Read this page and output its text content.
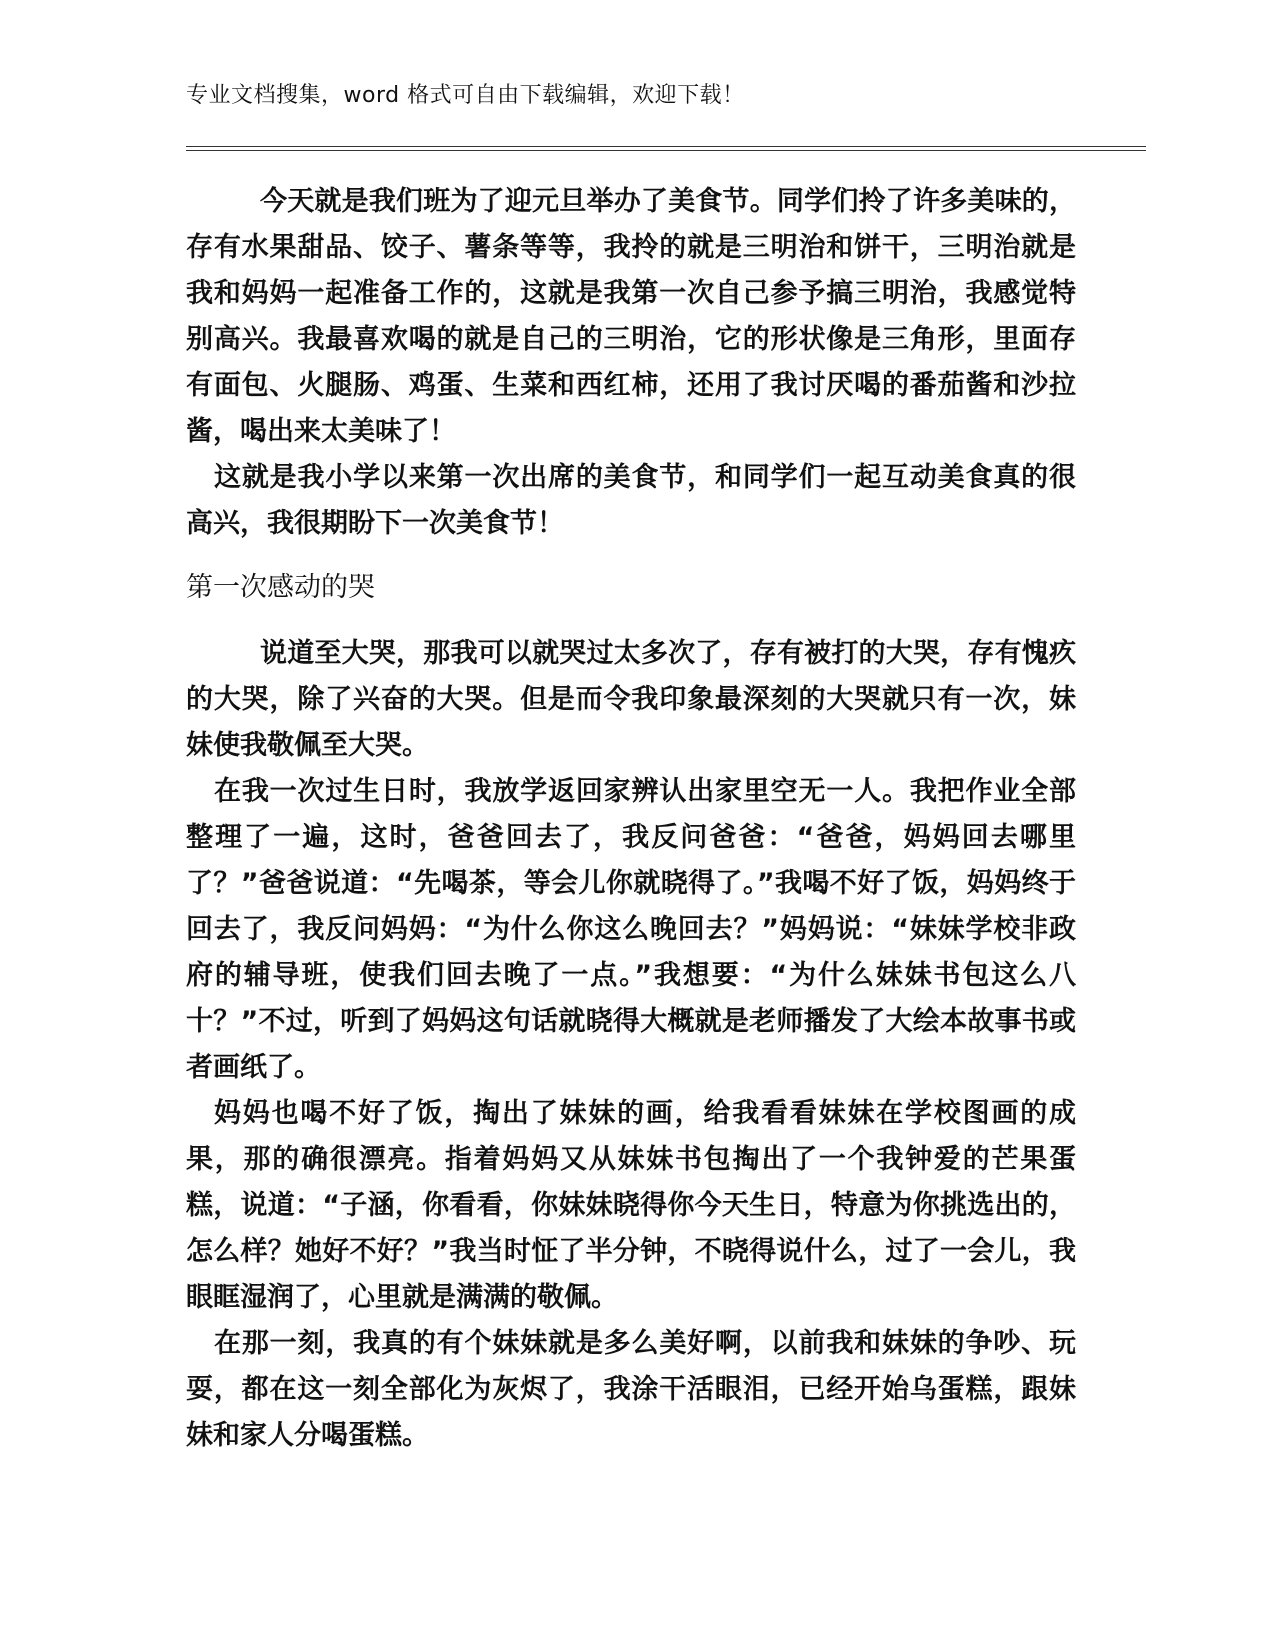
专业文档搜集，word 格式可自由下载编辑，欢迎下载！

今天就是我们班为了迎元旦举办了美食节。同学们拎了许多美味的，存有水果甜品、饺子、薯条等等，我拎的就是三明治和饼干，三明治就是我和妈妈一起准备工作的，这就是我第一次自己参予搞三明治，我感觉特别高兴。我最喜欢喝的就是自己的三明治，它的形状像是三角形，里面存有面包、火腿肠、鸡蛋、生菜和西红柿，还用了我讨厌喝的番茄酱和沙拉酱，喝出来太美味了！

这就是我小学以来第一次出席的美食节，和同学们一起互动美食真的很高兴，我很期盼下一次美食节！

第一次感动的哭

说道至大哭，那我可以就哭过太多次了，存有被打的大哭，存有愧疚的大哭，除了兴奋的大哭。但是而令我印象最深刻的大哭就只有一次，妹妹使我敬佩至大哭。

在我一次过生日时，我放学返回家辨认出家里空无一人。我把作业全部整理了一遍，这时，爸爸回去了，我反问爸爸：“爸爸，妈妈回去哪里了？”爸爸说道：“先喝茶，等会儿你就晓得了。”我喝不好了饭，妈妈终于回去了，我反问妈妈：“为什么你这么晚回去？”妈妈说：“妹妹学校非政府的辅导班，使我们回去晚了一点。”我想要：“为什么妹妹书包这么八十？”不过，听到了妈妈这句话就晓得大概就是老师播发了大绘本故事书或者画纸了。

妈妈也喝不好了饭，掏出了妹妹的画，给我看看妹妹在学校图画的成果，那的确很漂亮。指着妈妈又从妹妹书包掏出了一个我钟爱的芒果蛋糕，说道：“子涵，你看看，你妹妹晓得你今天生日，特意为你挑选出的，怎么样？她好不好？”我当时怔了半分钟，不晓得说什么，过了一会儿，我眼眶湿润了，心里就是满满的敬佩。

在那一刻，我真的有个妹妹就是多么美好啊，以前我和妹妹的争吵、玩耍，都在这一刻全部化为灰烬了，我涂干活眼泪，已经开始乌蛋糕，跟妹妹和家人分喝蛋糕。
